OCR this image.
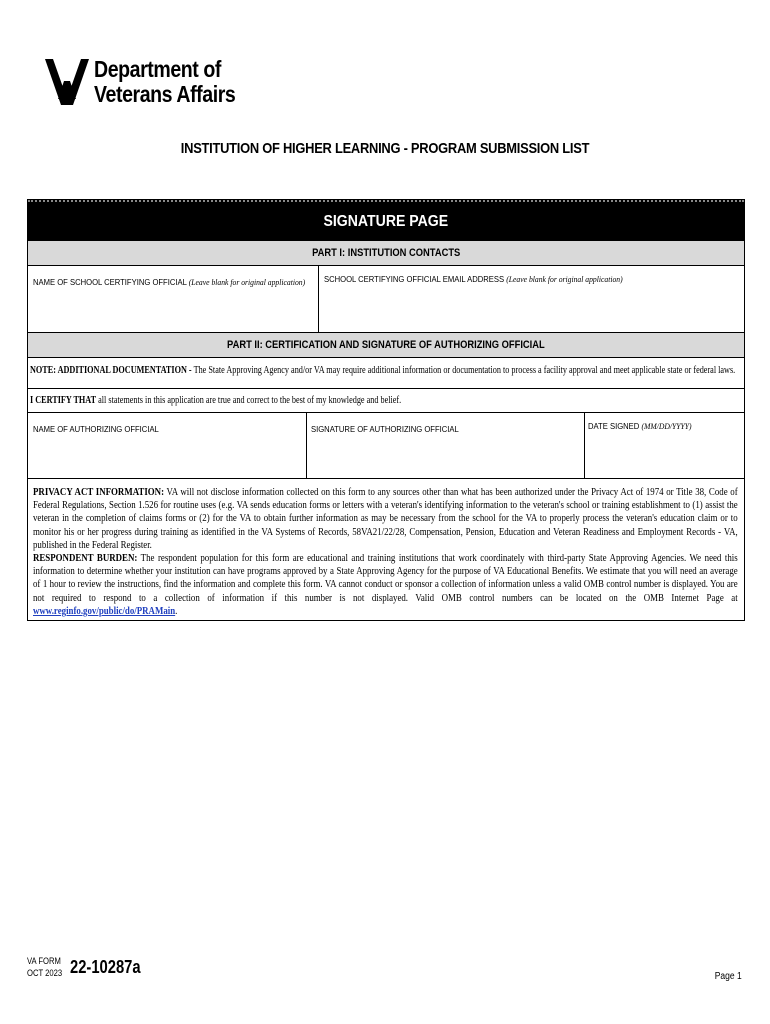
Department of
Veterans Affairs
INSTITUTION OF HIGHER LEARNING - PROGRAM SUBMISSION LIST
SIGNATURE PAGE
PART I: INSTITUTION CONTACTS
NAME OF SCHOOL CERTIFYING OFFICIAL (Leave blank for original application) SCHOOL CERTIFYING OFFICIAL EMAIL ADDRESS (Leave blank for original application)
PART II: CERTIFICATION AND SIGNATURE OF AUTHORIZING OFFICIAL
NOTE: ADDITIONAL DOCUMENTATION - The State Approving Agency and/or VA may require additional information or documentation to process a facility approval and meet applicable state or federal laws.
I CERTIFY THAT all statements in this application are true and correct to the best of my knowledge and belief.
NAME OF AUTHORIZING OFFICIAL	SIGNATURE OF AUTHORIZING OFFICIAL	DATE SIGNED (MM/DD/YYYY)
PRIVACY ACT INFORMATION: VA will not disclose information collected on this form to any sources other than what has been authorized under the Privacy Act of 1974 or Title 38, Code of Federal Regulations, Section 1.526 for routine uses (e.g. VA sends education forms or letters with a veteran's identifying information to the veteran's school or training establishment to (1) assist the veteran in the completion of claims forms or (2) for the VA to obtain further information as may be necessary from the school for the VA to properly process the veteran's education claim or to monitor his or her progress during training as identified in the VA Systems of Records, 58VA21/22/28, Compensation, Pension, Education and Veteran Readiness and Employment Records - VA, published in the Federal Register.
RESPONDENT BURDEN: The respondent population for this form are educational and training institutions that work coordinately with third-party State Approving Agencies. We need this information to determine whether your institution can have programs approved by a State Approving Agency for the purpose of VA Educational Benefits. We estimate that you will need an average of 1 hour to review the instructions, find the information and complete this form. VA cannot conduct or sponsor a collection of information unless a valid OMB control number is displayed. You are not required to respond to a collection of information if this number is not displayed. Valid OMB control numbers can be located on the OMB Internet Page at www.reginfo.gov/public/do/PRAMain.
VA FORM
OCT 2023 22-10287a	Page 1
